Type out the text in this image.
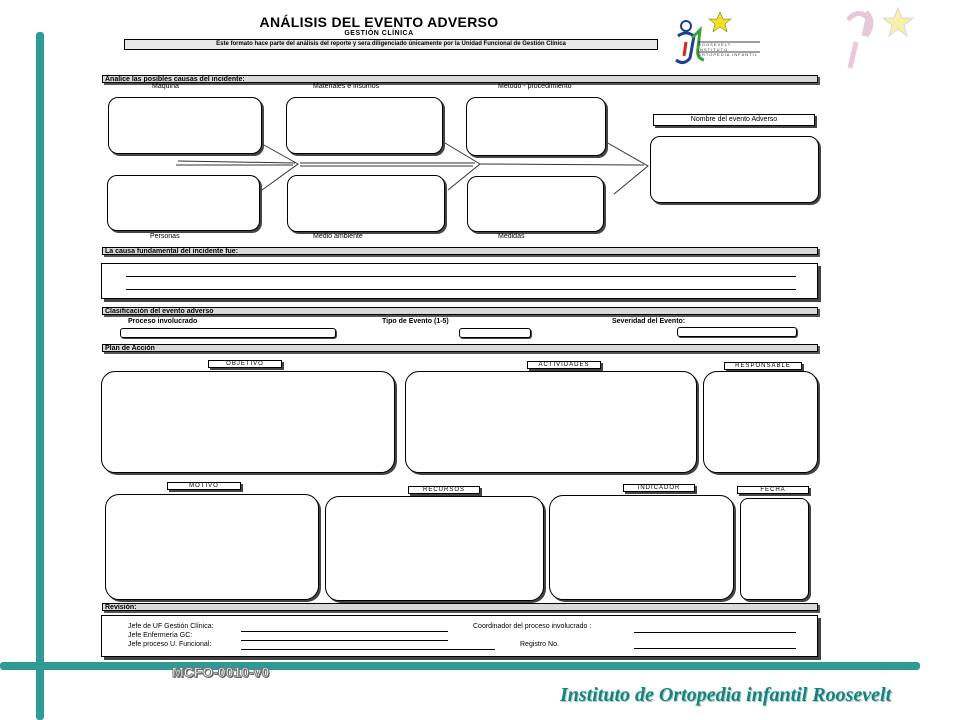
ANÁLISIS DEL EVENTO ADVERSO
GESTIÓN CLÍNICA
Este formato hace parte del análisis del reporte y sera diligenciado únicamente por la Unidad Funcional de Gestión Clínica	ROOSEVELT
INSTITUTO
ORTOPEDIA INFANTIL
Analice las posibles causas del incidente:
Maquina	Materiales e insumos	Método - procedimiento
Personas	Medio ambiente	Medidas
Nombre del evento Adverso
La causa fundamental del incidente fue:
Clasificación del evento adverso
Proceso involucrado	Tipo de Evento (1-5)	Severidad del Evento:
Plan de Acción
OBJETIVO	ACTIVIDADES	RESPONSABLE
MOTIVO
RECURSOS	INDICADOR	FECHA
Revisión:
Jefe de UF Gestión Clínica:
Jefe Enfermería GC:
Jefe proceso U. Funcional:
Coordinador del proceso involucrado :
Registro No.
MCFO-0010-v0
Instituto de Ortopedia infantil Roosevelt
